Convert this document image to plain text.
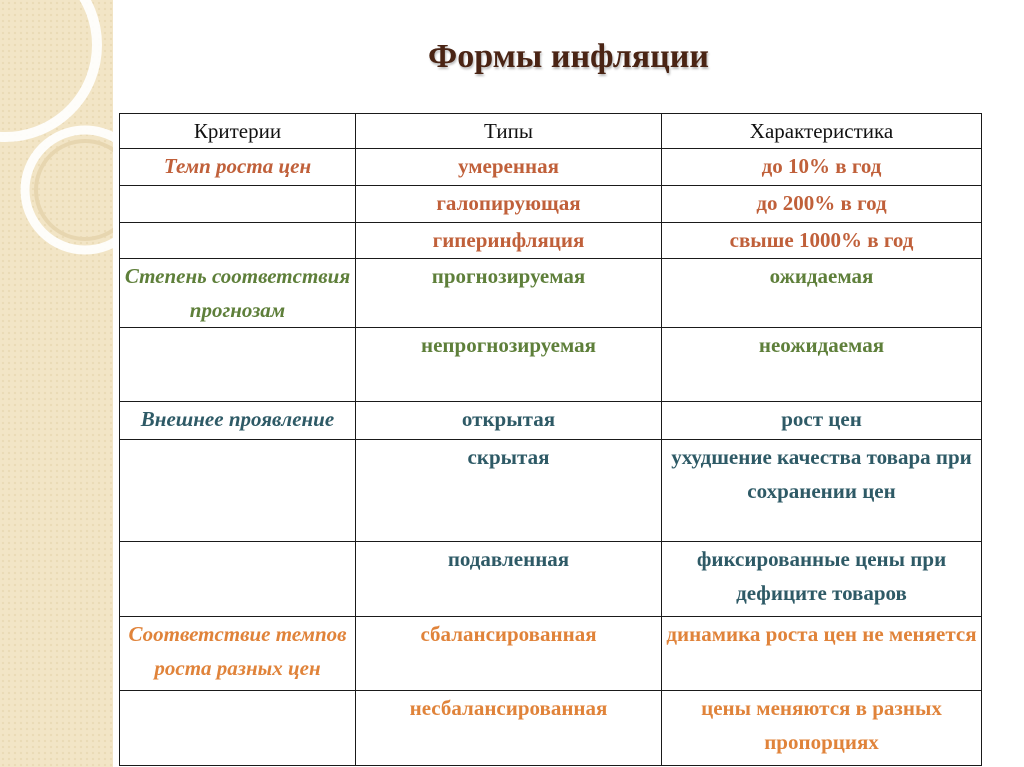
Формы инфляции
Критерии	Типы	Характеристика
Темп роста цен	умеренная	до 10% в год
	галопирующая	до 200% в год
	гиперинфляция	свыше 1000% в год
Степень соответствия прогнозам	прогнозируемая	ожидаемая
	непрогнозируемая	неожидаемая
Внешнее проявление	открытая	рост цен
	скрытая	ухудшение качества товара при сохранении цен
	подавленная	фиксированные цены при дефиците товаров
Соответствие темпов роста разных цен	сбалансированная	динамика роста цен не меняется
	несбалансированная	цены меняются в разных пропорциях
